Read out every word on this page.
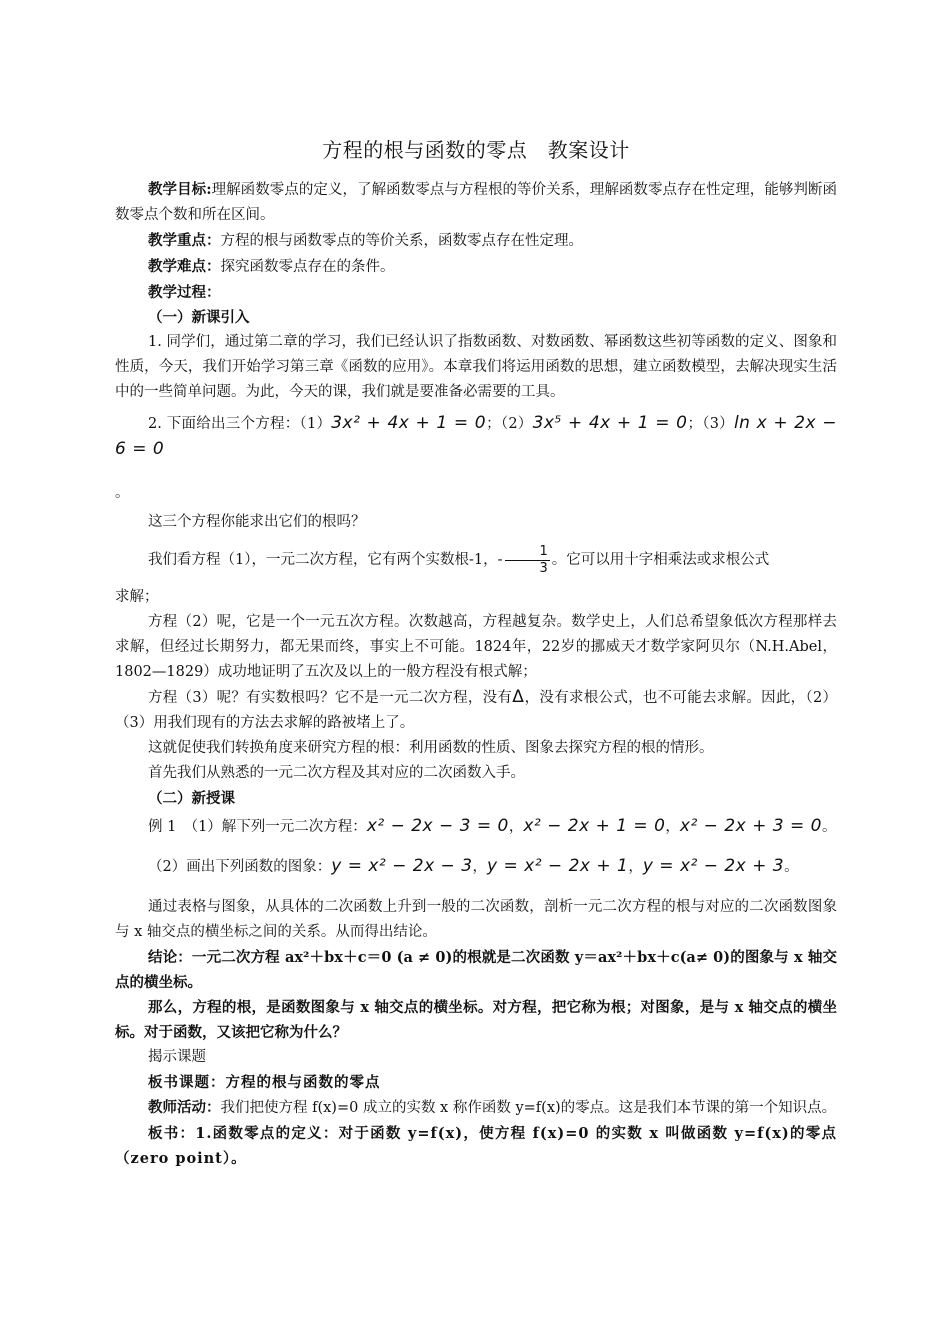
方程的根与函数的零点　教案设计

教学目标:理解函数零点的定义，了解函数零点与方程根的等价关系，理解函数零点存在性定理，能够判断函数零点个数和所在区间。

教学重点：方程的根与函数零点的等价关系，函数零点存在性定理。

教学难点：探究函数零点存在的条件。

教学过程：

（一）新课引入

1. 同学们，通过第二章的学习，我们已经认识了指数函数、对数函数、幂函数这些初等函数的定义、图象和性质，今天，我们开始学习第三章《函数的应用》。本章我们将运用函数的思想，建立函数模型，去解决现实生活中的一些简单问题。为此，今天的课，我们就是要准备必需要的工具。

2. 下面给出三个方程：（1）3x² + 4x + 1 = 0；（2）3x⁵ + 4x + 1 = 0；（3）ln x + 2x − 6 = 0

。

这三个方程你能求出它们的根吗？

我们看方程（1），一元二次方程，它有两个实数根-1，- $\frac{1}{3}$ 。它可以用十字相乘法或求根公式

求解；

方程（2）呢，它是一个一元五次方程。次数越高，方程越复杂。数学史上，人们总希望象低次方程那样去求解，但经过长期努力，都无果而终，事实上不可能。1824年，22岁的挪威天才数学家阿贝尔（N.H.Abel，1802—1829）成功地证明了五次及以上的一般方程没有根式解；

方程（3）呢？有实数根吗？它不是一元二次方程，没有Δ，没有求根公式，也不可能去求解。因此，（2）（3）用我们现有的方法去求解的路被堵上了。

这就促使我们转换角度来研究方程的根：利用函数的性质、图象去探究方程的根的情形。

首先我们从熟悉的一元二次方程及其对应的二次函数入手。

（二）新授课

例 1　（1）解下列一元二次方程：x² − 2x − 3 = 0，x² − 2x + 1 = 0，x² − 2x + 3 = 0。

（2）画出下列函数的图象：y = x² − 2x − 3，y = x² − 2x + 1，y = x² − 2x + 3。

通过表格与图象，从具体的二次函数上升到一般的二次函数，剖析一元二次方程的根与对应的二次函数图象与 x 轴交点的横坐标之间的关系。从而得出结论。

结论：一元二次方程 ax²＋bx＋c＝0 (a ≠ 0)的根就是二次函数 y＝ax²＋bx＋c(a≠ 0)的图象与 x 轴交点的横坐标。

那么，方程的根，是函数图象与 x 轴交点的横坐标。对方程，把它称为根；对图象，是与 x 轴交点的横坐标。对于函数，又该把它称为什么？

揭示课题

板书课题：方程的根与函数的零点

教师活动：我们把使方程 f(x)=0 成立的实数 x 称作函数 y=f(x)的零点。这是我们本节课的第一个知识点。

板书：1.函数零点的定义：对于函数 y=f(x)，使方程 f(x)=0 的实数 x 叫做函数 y=f(x)的零点（zero point）。
